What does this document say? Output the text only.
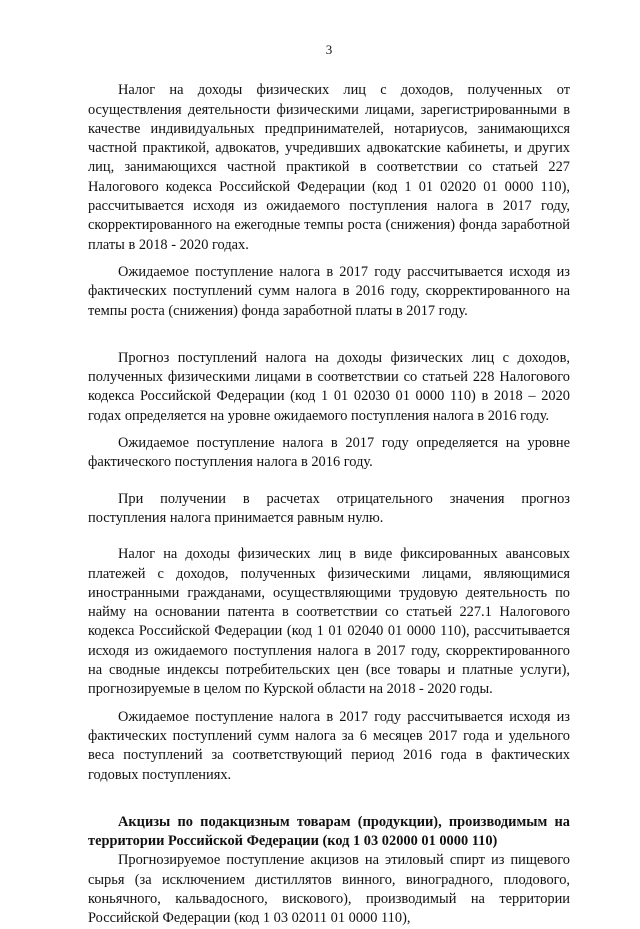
3

Налог на доходы физических лиц с доходов, полученных от осуществления деятельности физическими лицами, зарегистрированными в качестве индивидуальных предпринимателей, нотариусов, занимающихся частной практикой, адвокатов, учредивших адвокатские кабинеты, и других лиц, занимающихся частной практикой в соответствии со статьей 227 Налогового кодекса Российской Федерации (код 1 01 02020 01 0000 110), рассчитывается исходя из ожидаемого поступления налога в 2017 году, скорректированного на ежегодные темпы роста (снижения) фонда заработной платы в 2018 - 2020 годах.

Ожидаемое поступление налога в 2017 году рассчитывается исходя из фактических поступлений сумм налога в 2016 году, скорректированного на темпы роста (снижения) фонда заработной платы в 2017 году.

Прогноз поступлений налога на доходы физических лиц с доходов, полученных физическими лицами в соответствии со статьей 228 Налогового кодекса Российской Федерации (код 1 01 02030 01 0000 110) в 2018 – 2020 годах определяется на уровне ожидаемого поступления налога в 2016 году.

Ожидаемое поступление налога в 2017 году определяется на уровне фактического поступления налога в 2016 году.

При получении в расчетах отрицательного значения прогноз поступления налога принимается равным нулю.

Налог на доходы физических лиц в виде фиксированных авансовых платежей с доходов, полученных физическими лицами, являющимися иностранными гражданами, осуществляющими трудовую деятельность по найму на основании патента в соответствии со статьей 227.1 Налогового кодекса Российской Федерации (код 1 01 02040 01 0000 110), рассчитывается исходя из ожидаемого поступления налога в 2017 году, скорректированного на сводные индексы потребительских цен (все товары и платные услуги), прогнозируемые в целом по Курской области на 2018 - 2020 годы.

Ожидаемое поступление налога в 2017 году рассчитывается исходя из фактических поступлений сумм налога за 6 месяцев 2017 года и удельного веса поступлений за соответствующий период 2016 года в фактических годовых поступлениях.

Акцизы по подакцизным товарам (продукции), производимым на территории Российской Федерации (код 1 03 02000 01 0000 110)

Прогнозируемое поступление акцизов на этиловый спирт из пищевого сырья (за исключением дистиллятов винного, виноградного, плодового, коньячного, кальвадосного, вискового), производимый на территории Российской Федерации (код 1 03 02011 01 0000 110),
